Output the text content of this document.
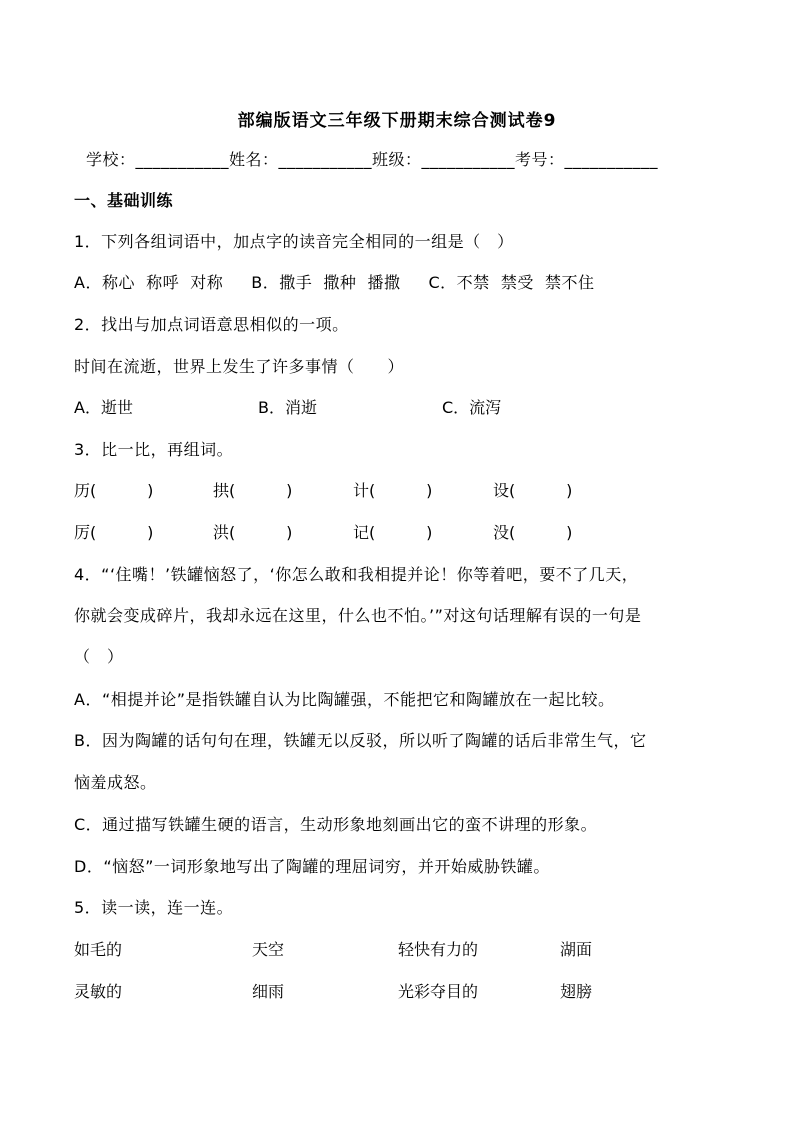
部编版语文三年级下册期末综合测试卷9
学校：___________姓名：___________班级：___________考号：___________
一、基础训练
1．下列各组词语中，加点字的读音完全相同的一组是（　）
A．称心  称呼  对称     B．撒手  撒种  播撒     C．不禁  禁受  禁不住
2．找出与加点词语意思相似的一项。
时间在流逝，世界上发生了许多事情（　　）
A．逝世	B．消逝	C．流泻
3．比一比，再组词。
历(          )	拱(          )	计(          )	设(          )
厉(          )	洪(          )	记(          )	没(          )
4．“‘住嘴！’铁罐恼怒了，‘你怎么敢和我相提并论！你等着吧，要不了几天，
你就会变成碎片，我却永远在这里，什么也不怕。’”对这句话理解有误的一句是
（　）
A．“相提并论”是指铁罐自认为比陶罐强，不能把它和陶罐放在一起比较。
B．因为陶罐的话句句在理，铁罐无以反驳，所以听了陶罐的话后非常生气，它
恼羞成怒。
C．通过描写铁罐生硬的语言，生动形象地刻画出它的蛮不讲理的形象。
D．“恼怒”一词形象地写出了陶罐的理屈词穷，并开始威胁铁罐。
5．读一读，连一连。
如毛的	天空	轻快有力的	湖面
灵敏的	细雨	光彩夺目的	翅膀
